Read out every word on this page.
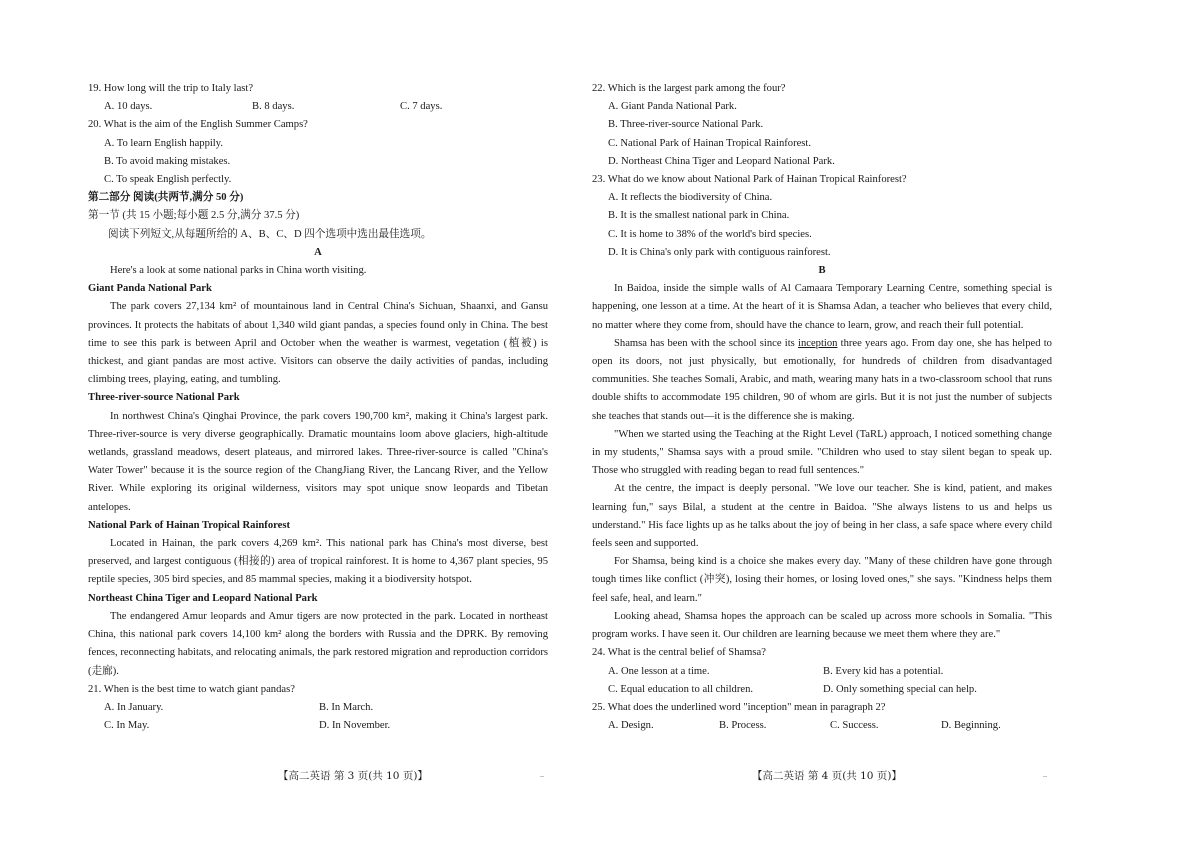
19. How long will the trip to Italy last?

A. 10 days.	B. 8 days.	C. 7 days.

20. What is the aim of the English Summer Camps?

A. To learn English happily.

B. To avoid making mistakes.

C. To speak English perfectly.

第二部分 阅读(共两节,满分 50 分)

第一节 (共 15 小题;每小题 2.5 分,满分 37.5 分)

阅读下列短文,从每题所给的 A、B、C、D 四个选项中选出最佳选项。

A

Here's a look at some national parks in China worth visiting.

Giant Panda National Park

The park covers 27,134 km² of mountainous land in Central China's Sichuan, Shaanxi, and Gansu provinces. It protects the habitats of about 1,340 wild giant pandas, a species found only in China. The best time to see this park is between April and October when the weather is warmest, vegetation (植被) is thickest, and giant pandas are most active. Visitors can observe the daily activities of pandas, including climbing trees, playing, eating, and tumbling.

Three-river-source National Park

In northwest China's Qinghai Province, the park covers 190,700 km², making it China's largest park. Three-river-source is very diverse geographically. Dramatic mountains loom above glaciers, high-altitude wetlands, grassland meadows, desert plateaus, and mirrored lakes. Three-river-source is called "China's Water Tower" because it is the source region of the ChangJiang River, the Lancang River, and the Yellow River. While exploring its original wilderness, visitors may spot unique snow leopards and Tibetan antelopes.

National Park of Hainan Tropical Rainforest

Located in Hainan, the park covers 4,269 km². This national park has China's most diverse, best preserved, and largest contiguous (相接的) area of tropical rainforest. It is home to 4,367 plant species, 95 reptile species, 305 bird species, and 85 mammal species, making it a biodiversity hotspot.

Northeast China Tiger and Leopard National Park

The endangered Amur leopards and Amur tigers are now protected in the park. Located in northeast China, this national park covers 14,100 km² along the borders with Russia and the DPRK. By removing fences, reconnecting habitats, and relocating animals, the park restored migration and reproduction corridors (走廊).

21. When is the best time to watch giant pandas?

A. In January.	B. In March.
C. In May.	D. In November.

22. Which is the largest park among the four?

A. Giant Panda National Park.

B. Three-river-source National Park.

C. National Park of Hainan Tropical Rainforest.

D. Northeast China Tiger and Leopard National Park.

23. What do we know about National Park of Hainan Tropical Rainforest?

A. It reflects the biodiversity of China.

B. It is the smallest national park in China.

C. It is home to 38% of the world's bird species.

D. It is China's only park with contiguous rainforest.

B

In Baidoa, inside the simple walls of Al Camaara Temporary Learning Centre, something special is happening, one lesson at a time. At the heart of it is Shamsa Adan, a teacher who believes that every child, no matter where they come from, should have the chance to learn, grow, and reach their full potential.

Shamsa has been with the school since its inception three years ago. From day one, she has helped to open its doors, not just physically, but emotionally, for hundreds of children from disadvantaged communities. She teaches Somali, Arabic, and math, wearing many hats in a two-classroom school that runs double shifts to accommodate 195 children, 90 of whom are girls. But it is not just the number of subjects she teaches that stands out—it is the difference she is making.

"When we started using the Teaching at the Right Level (TaRL) approach, I noticed something change in my students," Shamsa says with a proud smile. "Children who used to stay silent began to speak up. Those who struggled with reading began to read full sentences."

At the centre, the impact is deeply personal. "We love our teacher. She is kind, patient, and makes learning fun," says Bilal, a student at the centre in Baidoa. "She always listens to us and helps us understand." His face lights up as he talks about the joy of being in her class, a safe space where every child feels seen and supported.

For Shamsa, being kind is a choice she makes every day. "Many of these children have gone through tough times like conflict (冲突), losing their homes, or losing loved ones," she says. "Kindness helps them feel safe, heal, and learn."

Looking ahead, Shamsa hopes the approach can be scaled up across more schools in Somalia. "This program works. I have seen it. Our children are learning because we meet them where they are."

24. What is the central belief of Shamsa?

A. One lesson at a time.	B. Every kid has a potential.
C. Equal education to all children.	D. Only something special can help.

25. What does the underlined word "inception" mean in paragraph 2?

A. Design.	B. Process.	C. Success.	D. Beginning.
【高二英语 第 3 页(共 10 页)】	..	【高二英语 第 4 页(共 10 页)】	..
